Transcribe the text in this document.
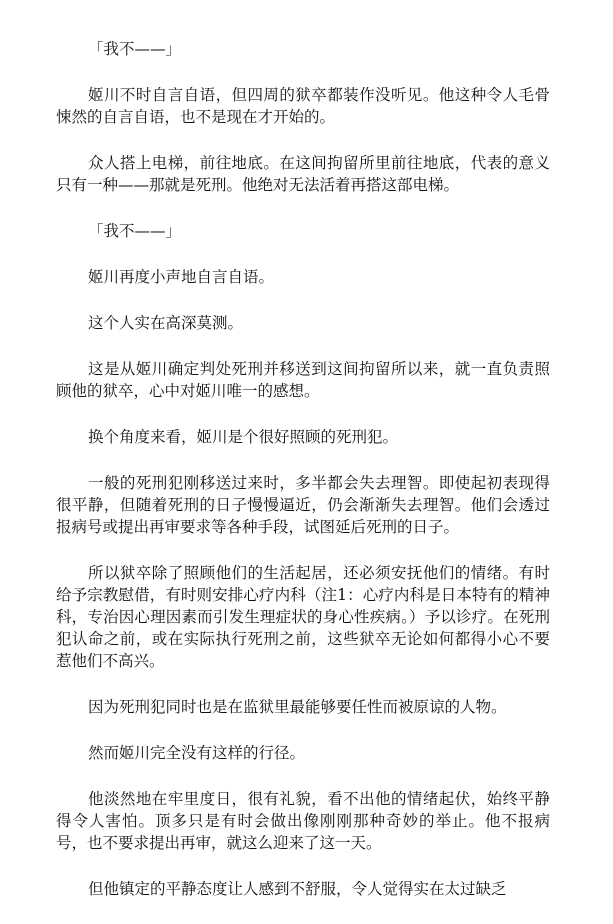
「我不——」

姬川不时自言自语，但四周的狱卒都装作没听见。他这种令人毛骨悚然的自言自语，也不是现在才开始的。

众人搭上电梯，前往地底。在这间拘留所里前往地底，代表的意义只有一种——那就是死刑。他绝对无法活着再搭这部电梯。

「我不——」

姬川再度小声地自言自语。

这个人实在高深莫测。

这是从姬川确定判处死刑并移送到这间拘留所以来，就一直负责照顾他的狱卒，心中对姬川唯一的感想。

换个角度来看，姬川是个很好照顾的死刑犯。

一般的死刑犯刚移送过来时，多半都会失去理智。即使起初表现得很平静，但随着死刑的日子慢慢逼近，仍会渐渐失去理智。他们会透过报病号或提出再审要求等各种手段，试图延后死刑的日子。

所以狱卒除了照顾他们的生活起居，还必须安抚他们的情绪。有时给予宗教慰借，有时则安排心疗内科（注1：心疗内科是日本特有的精神科，专治因心理因素而引发生理症状的身心性疾病。）予以诊疗。在死刑犯认命之前，或在实际执行死刑之前，这些狱卒无论如何都得小心不要惹他们不高兴。

因为死刑犯同时也是在监狱里最能够要任性而被原谅的人物。

然而姬川完全没有这样的行径。

他淡然地在牢里度日，很有礼貌，看不出他的情绪起伏，始终平静得令人害怕。顶多只是有时会做出像刚刚那种奇妙的举止。他不报病号，也不要求提出再审，就这么迎来了这一天。

但他镇定的平静态度让人感到不舒服，令人觉得实在太过缺乏
